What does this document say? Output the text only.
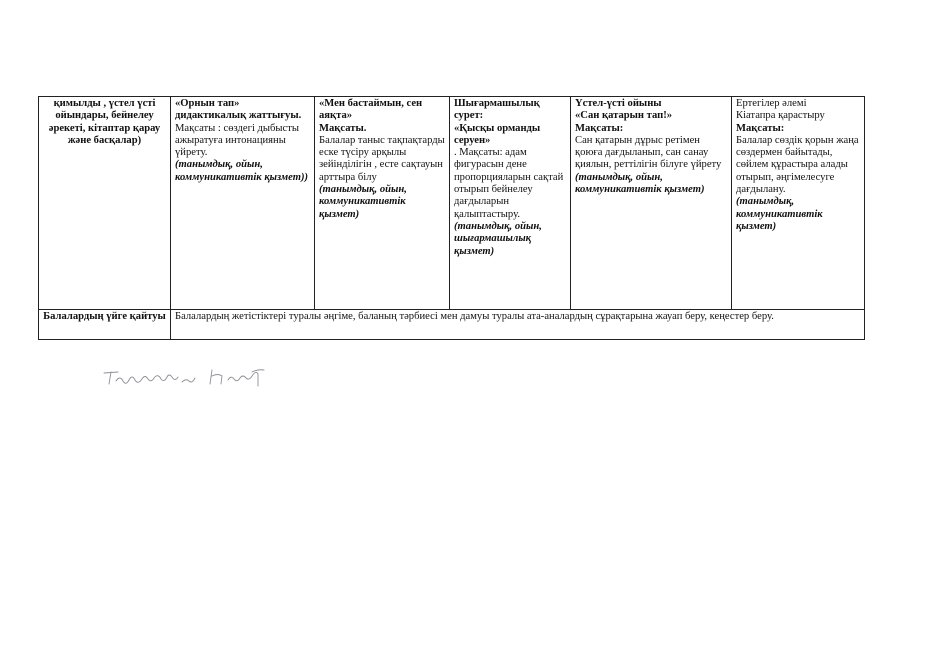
қимылды , үстел үсті ойындары, бейнелеу әрекеті, кітаптар қарау және басқалар)	«Орнын тап» дидактикалық жаттығуы.
Мақсаты : сөздегі дыбысты ажыратуға интонацияны үйрету.
(танымдық, ойын, коммуникативтік қызмет))	«Мен бастаймын, сен аяқта»
Мақсаты.
Балалар таныс тақпақтарды еске түсіру арқылы зейінділігін , есте сақтауын арттыра білу
(танымдық, ойын, коммуникативтік қызмет)	Шығармашылық сурет:
«Қысқы орманды серуен»
. Мақсаты: адам фигурасын дене пропорцияларын сақтай отырып бейнелеу дағдыларын қалыптастыру.
(танымдық, ойын, шығармашылық қызмет)	Үстел-үсті ойыны
«Сан қатарын тап!»
Мақсаты:
Сан қатарын дұрыс ретімен қоюға дағдыланып, сан санау қиялын, реттілігін білуге үйрету
(танымдық, ойын, коммуникативтік қызмет)	Ертегілер әлемі
Кіатапра қарастыру
Мақсаты:
Балалар сөздік қорын жаңа сөздермен байытады, сөйлем құрастыра алады отырып, әңгімелесуге дағдылану.
(танымдық, коммуникативтік қызмет)

Балалардың үйге қайтуы	Балалардың жетістіктері туралы әңгіме, баланың тәрбиесі мен дамуы туралы ата-аналардың сұрақтарына жауап беру, кеңестер беру.				
